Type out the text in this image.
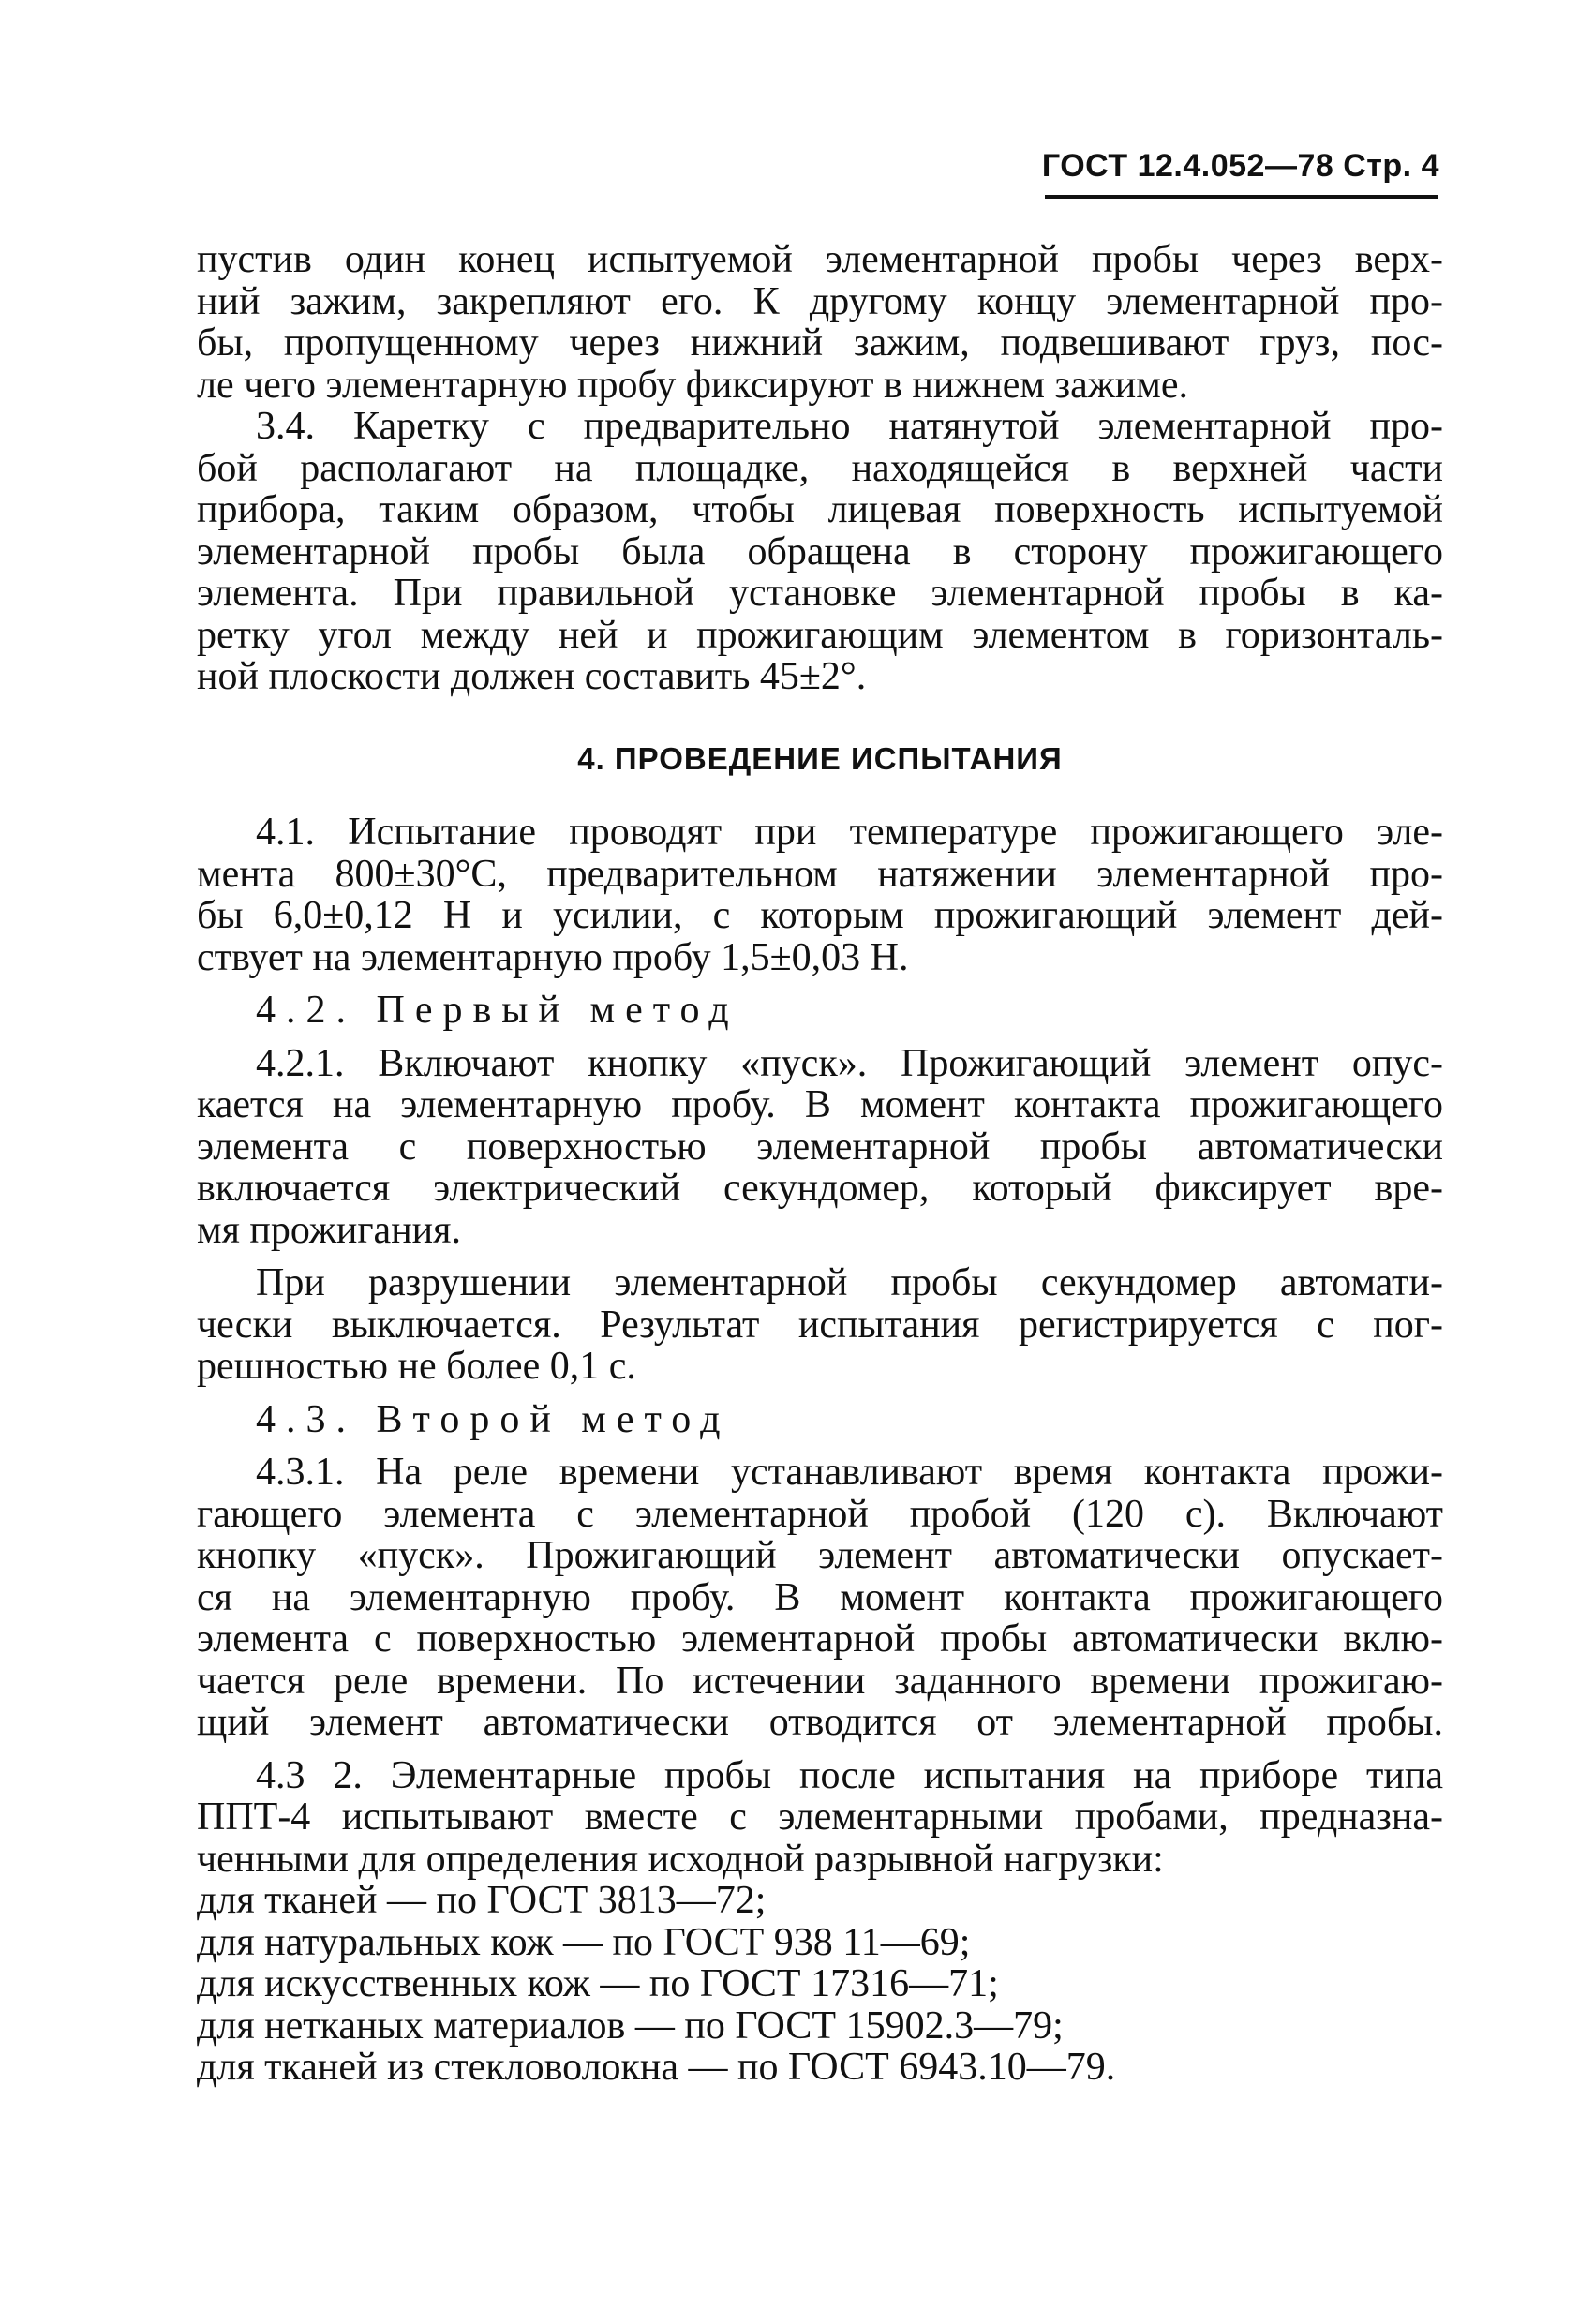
ГОСТ 12.4.052—78 Стр. 4

пустив один конец испытуемой элементарной пробы через верх-

ний зажим, закрепляют его. К другому концу элементарной про-

бы, пропущенному через нижний зажим, подвешивают груз, пос-

ле чего элементарную пробу фиксируют в нижнем зажиме.

3.4. Каретку с предварительно натянутой элементарной про-

бой располагают на площадке, находящейся в верхней части

прибора, таким образом, чтобы лицевая поверхность испытуемой

элементарной пробы была обращена в сторону прожигающего

элемента. При правильной установке элементарной пробы в ка-

ретку угол между ней и прожигающим элементом в горизонталь-

ной плоскости должен составить 45±2°.

4. ПРОВЕДЕНИЕ ИСПЫТАНИЯ

4.1. Испытание проводят при температуре прожигающего эле-

мента 800±30°С, предварительном натяжении элементарной про-

бы 6,0±0,12 Н и усилии, с которым прожигающий элемент дей-

ствует на элементарную пробу 1,5±0,03 Н.

4.2. Первый метод

4.2.1. Включают кнопку «пуск». Прожигающий элемент опус-

кается на элементарную пробу. В момент контакта прожигающего

элемента с поверхностью элементарной пробы автоматически

включается электрический секундомер, который фиксирует вре-

мя прожигания.

При разрушении элементарной пробы секундомер автомати-

чески выключается. Результат испытания регистрируется с пог-

решностью не более 0,1 с.

4.3. Второй метод

4.3.1. На реле времени устанавливают время контакта прожи-

гающего элемента с элементарной пробой (120 с). Включают

кнопку «пуск». Прожигающий элемент автоматически опускает-

ся на элементарную пробу. В момент контакта прожигающего

элемента с поверхностью элементарной пробы автоматически вклю-

чается реле времени. По истечении заданного времени прожигаю-

щий элемент автоматически отводится от элементарной пробы.

4.3 2. Элементарные пробы после испытания на приборе типа

ППТ-4 испытывают вместе с элементарными пробами, предназна-

ченными для определения исходной разрывной нагрузки:

для тканей — по ГОСТ 3813—72;

для натуральных кож — по ГОСТ 938 11—69;

для искусственных кож — по ГОСТ 17316—71;

для нетканых материалов — по ГОСТ 15902.3—79;

для тканей из стекловолокна — по ГОСТ 6943.10—79.
